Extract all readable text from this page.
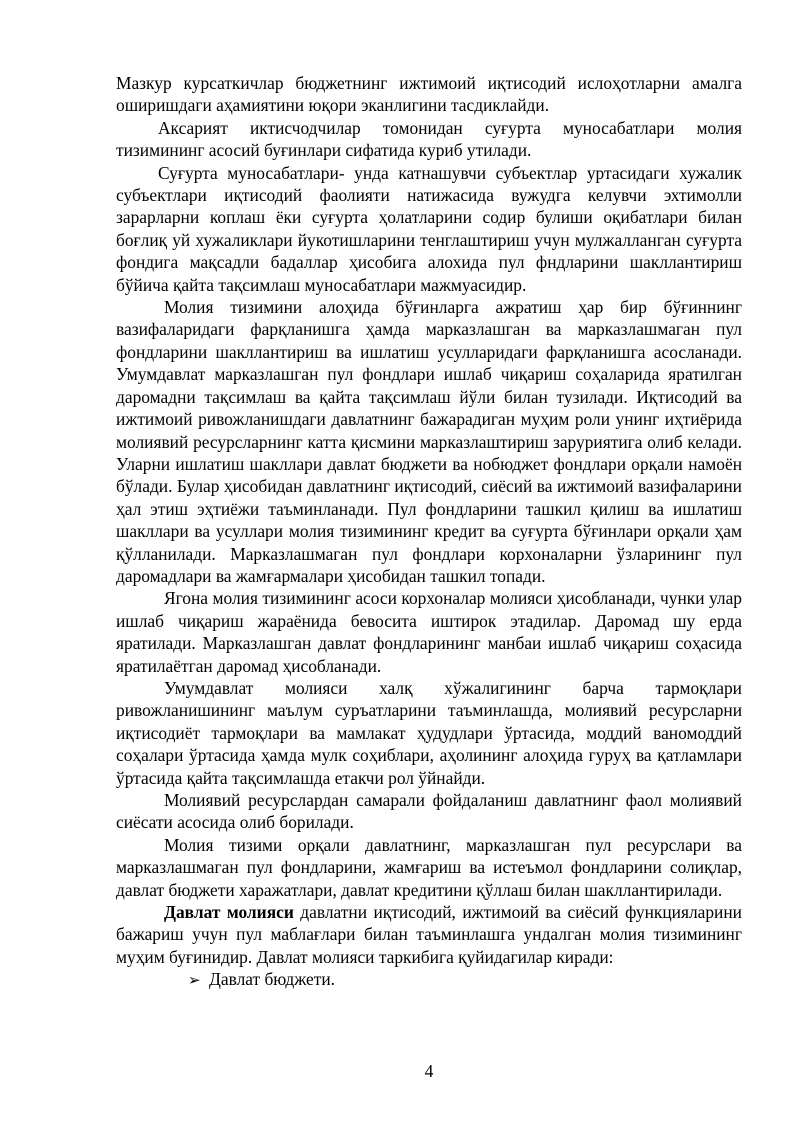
Мазкур курсаткичлар бюджетнинг ижтимоий иқтисодий ислоҳотларни амалга оширишдаги аҳамиятини юқори эканлигини тасдиклайди.

Аксарият иктисчодчилар томонидан суғурта муносабатлари молия тизимининг асосий буғинлари сифатида куриб утилади.

Суғурта муносабатлари- унда катнашувчи субъектлар уртасидаги хужалик субъектлари иқтисодий фаолияти натижасида вужудга келувчи эхтимолли зарарларни коплаш ёки суғурта ҳолатларини содир булиши оқибатлари билан боғлиқ уй хужаликлари йукотишларини тенглаштириш учун мулжалланган суғурта фондига мақсадли бадаллар ҳисобига алохида пул фндларини шакллантириш бўйича қайта тақсимлаш муносабатлари мажмуасидир.

Молия тизимини алоҳида бўғинларга ажратиш ҳар бир бўғиннинг вазифаларидаги фарқланишга ҳамда марказлашган ва марказлашмаган пул фондларини шакллантириш ва ишлатиш усулларидаги фарқланишга асосланади. Умумдавлат марказлашган пул фондлари ишлаб чиқариш соҳаларида яратилган даромадни тақсимлаш ва қайта тақсимлаш йўли билан тузилади. Иқтисодий ва ижтимоий ривожланишдаги давлатнинг бажарадиган муҳим роли унинг иҳтиёрида молиявий ресурсларнинг катта қисмини марказлаштириш заруриятига олиб келади. Уларни ишлатиш шакллари давлат бюджети ва нобюджет фондлари орқали намоён бўлади. Булар ҳисобидан давлатнинг иқтисодий, сиёсий ва ижтимоий вазифаларини ҳал этиш эҳтиёжи таъминланади. Пул фондларини ташкил қилиш ва ишлатиш шакллари ва усуллари молия тизимининг кредит ва суғурта бўғинлари орқали ҳам қўлланилади. Марказлашмаган пул фондлари корхоналарни ўзларининг пул даромадлари ва жамғармалари ҳисобидан ташкил топади.

Ягона молия тизимининг асоси корхоналар молияси ҳисобланади, чунки улар ишлаб чиқариш жараёнида бевосита иштирок этадилар. Даромад шу ерда яратилади. Марказлашган давлат фондларининг манбаи ишлаб чиқариш соҳасида яратилаётган даромад ҳисобланади.

Умумдавлат молияси халқ хўжалигининг барча тармоқлари ривожланишининг маълум суръатларини таъминлашда, молиявий ресурсларни иқтисодиёт тармоқлари ва мамлакат ҳудудлари ўртасида, моддий ваномоддий соҳалари ўртасида ҳамда мулк соҳиблари, аҳолининг алоҳида гуруҳ ва қатламлари ўртасида қайта тақсимлашда етакчи рол ўйнайди.

Молиявий ресурслардан самарали фойдаланиш давлатнинг фаол молиявий сиёсати асосида олиб борилади.

Молия тизими орқали давлатнинг, марказлашган пул ресурслари ва марказлашмаган пул фондларини, жамғариш ва истеъмол фондларини солиқлар, давлат бюджети харажатлари, давлат кредитини қўллаш билан шакллантирилади.

Давлат молияси давлатни иқтисодий, ижтимоий ва сиёсий функцияларини бажариш учун пул маблағлари билан таъминлашга ундалган молия тизимининг муҳим буғинидир. Давлат молияси таркибига қуйидагилар киради:

➢ Давлат бюджети.
4
